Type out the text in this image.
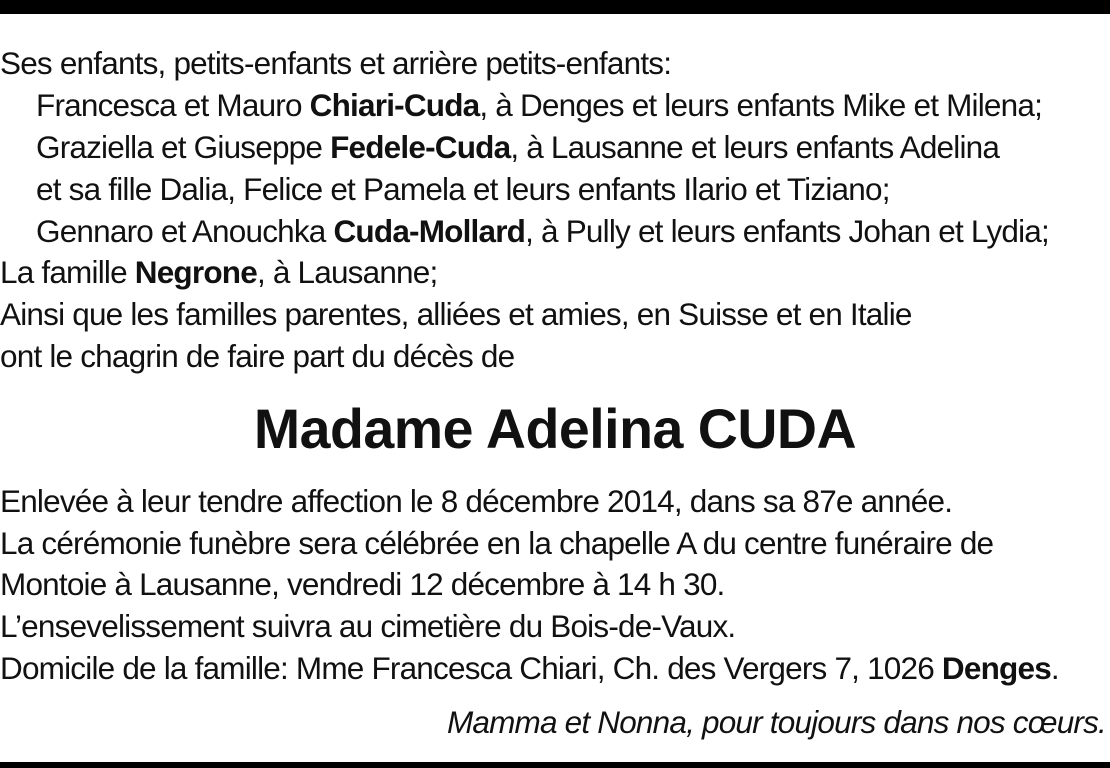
Ses enfants, petits-enfants et arrière petits-enfants:
Francesca et Mauro Chiari-Cuda, à Denges et leurs enfants Mike et Milena;
Graziella et Giuseppe Fedele-Cuda, à Lausanne et leurs enfants Adelina
et sa fille Dalia, Felice et Pamela et leurs enfants Ilario et Tiziano;
Gennaro et Anouchka Cuda-Mollard, à Pully et leurs enfants Johan et Lydia;
La famille Negrone, à Lausanne;
Ainsi que les familles parentes, alliées et amies, en Suisse et en Italie
ont le chagrin de faire part du décès de
Madame Adelina CUDA
Enlevée à leur tendre affection le 8 décembre 2014, dans sa 87e année.
La cérémonie funèbre sera célébrée en la chapelle A du centre funéraire de
Montoie à Lausanne, vendredi 12 décembre à 14 h 30.
L’ensevelissement suivra au cimetière du Bois-de-Vaux.
Domicile de la famille: Mme Francesca Chiari, Ch. des Vergers 7, 1026 Denges.
Mamma et Nonna, pour toujours dans nos cœurs.
